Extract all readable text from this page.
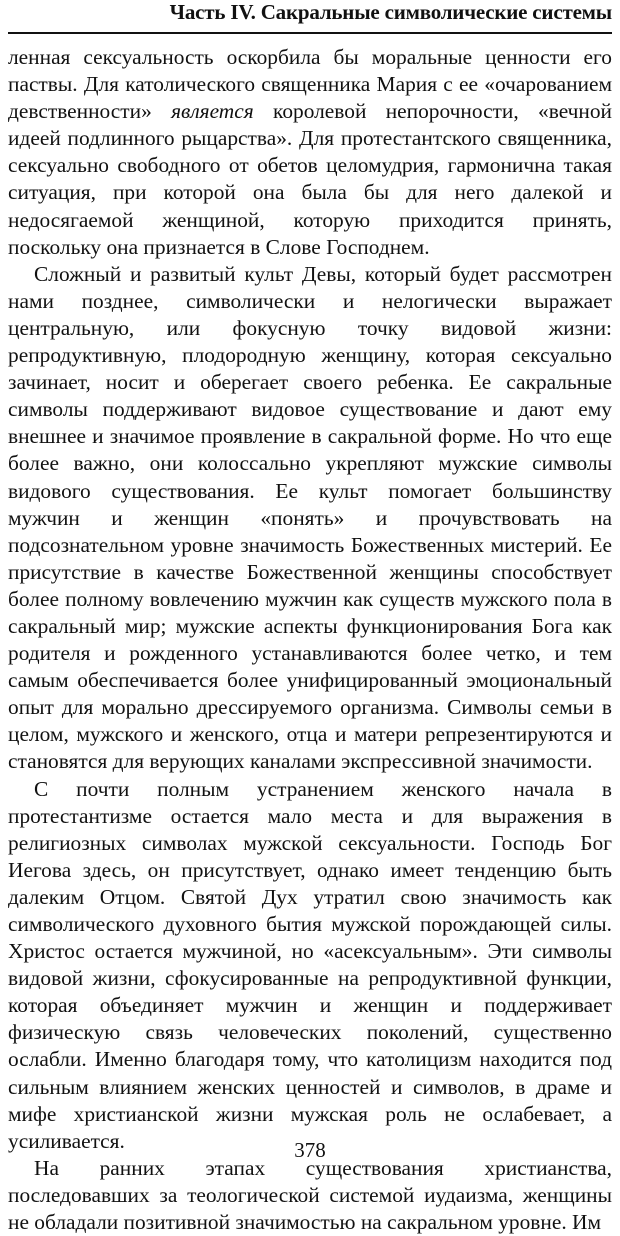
Часть IV. Сакральные символические системы

ленная сексуальность оскорбила бы моральные ценности его паствы. Для католического священника Мария с ее «очарованием девственности» является королевой непорочности, «вечной идеей подлинного рыцарства». Для протестантского священника, сексуально свободного от обетов целомудрия, гармонична такая ситуация, при которой она была бы для него далекой и недосягаемой женщиной, которую приходится принять, поскольку она признается в Слове Господнем.

Сложный и развитый культ Девы, который будет рассмотрен нами позднее, символически и нелогически выражает центральную, или фокусную точку видовой жизни: репродуктивную, плодородную женщину, которая сексуально зачинает, носит и оберегает своего ребенка. Ее сакральные символы поддерживают видовое существование и дают ему внешнее и значимое проявление в сакральной форме. Но что еще более важно, они колоссально укрепляют мужские символы видового существования. Ее культ помогает большинству мужчин и женщин «понять» и прочувствовать на подсознательном уровне значимость Божественных мистерий. Ее присутствие в качестве Божественной женщины способствует более полному вовлечению мужчин как существ мужского пола в сакральный мир; мужские аспекты функционирования Бога как родителя и рожденного устанавливаются более четко, и тем самым обеспечивается более унифицированный эмоциональный опыт для морально дрессируемого организма. Символы семьи в целом, мужского и женского, отца и матери репрезентируются и становятся для верующих каналами экспрессивной значимости.

С почти полным устранением женского начала в протестантизме остается мало места и для выражения в религиозных символах мужской сексуальности. Господь Бог Иегова здесь, он присутствует, однако имеет тенденцию быть далеким Отцом. Святой Дух утратил свою значимость как символического духовного бытия мужской порождающей силы. Христос остается мужчиной, но «асексуальным». Эти символы видовой жизни, сфокусированные на репродуктивной функции, которая объединяет мужчин и женщин и поддерживает физическую связь человеческих поколений, существенно ослабли. Именно благодаря тому, что католицизм находится под сильным влиянием женских ценностей и символов, в драме и мифе христианской жизни мужская роль не ослабевает, а усиливается.

На ранних этапах существования христианства, последовавших за теологической системой иудаизма, женщины не обладали позитивной значимостью на сакральном уровне. Им

378
